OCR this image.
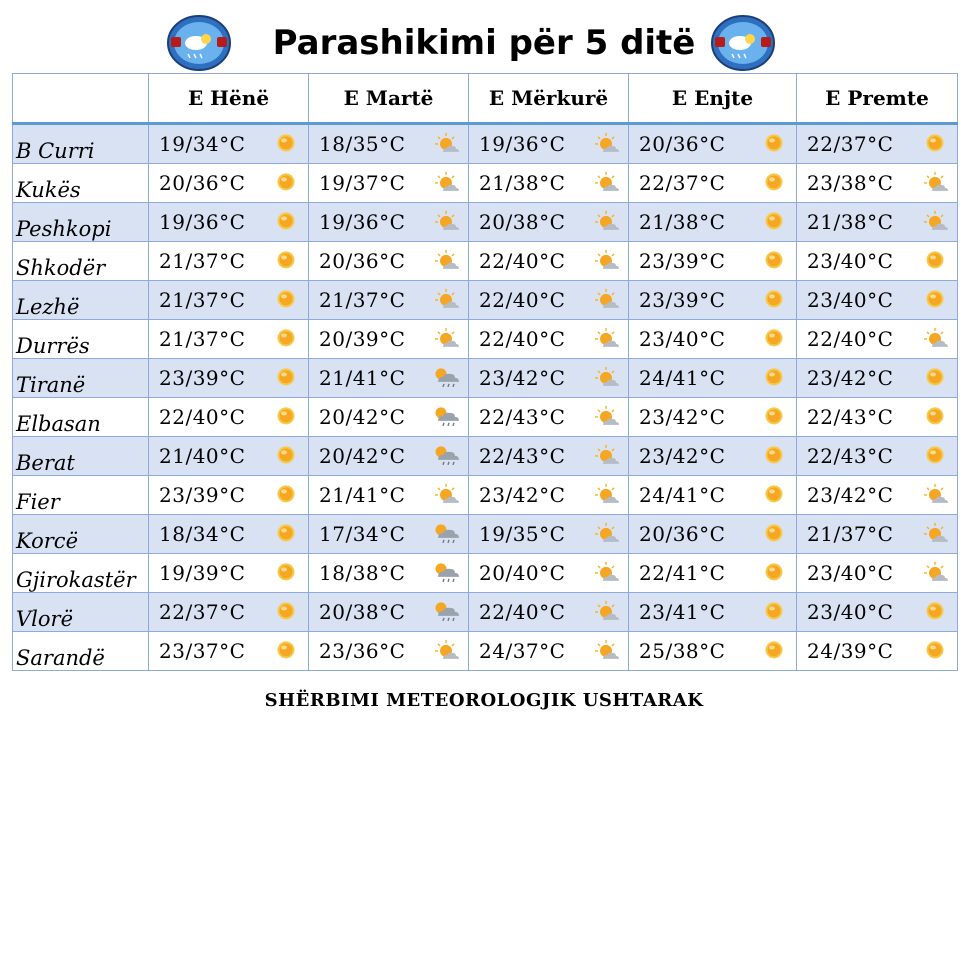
Parashikimi për 5 ditë
	E Hënë	E Martë	E Mërkurë	E Enjte	E Premte
B Curri	19/34°C	18/35°C	19/36°C	20/36°C	22/37°C

Kukës	20/36°C	19/37°C	21/38°C	22/37°C	23/38°C

Peshkopi	19/36°C	19/36°C	20/38°C	21/38°C	21/38°C

Shkodër	21/37°C	20/36°C	22/40°C	23/39°C	23/40°C

Lezhë	21/37°C	21/37°C	22/40°C	23/39°C	23/40°C

Durrës	21/37°C	20/39°C	22/40°C	23/40°C	22/40°C

Tiranë	23/39°C	21/41°C	23/42°C	24/41°C	23/42°C

Elbasan	22/40°C	20/42°C	22/43°C	23/42°C	22/43°C

Berat	21/40°C	20/42°C	22/43°C	23/42°C	22/43°C

Fier	23/39°C	21/41°C	23/42°C	24/41°C	23/42°C

Korcë	18/34°C	17/34°C	19/35°C	20/36°C	21/37°C

Gjirokastër	19/39°C	18/38°C	20/40°C	22/41°C	23/40°C

Vlorë	22/37°C	20/38°C	22/40°C	23/41°C	23/40°C

Sarandë	23/37°C	23/36°C	24/37°C	25/38°C	24/39°C
SHËRBIMI METEOROLOGJIK USHTARAK
